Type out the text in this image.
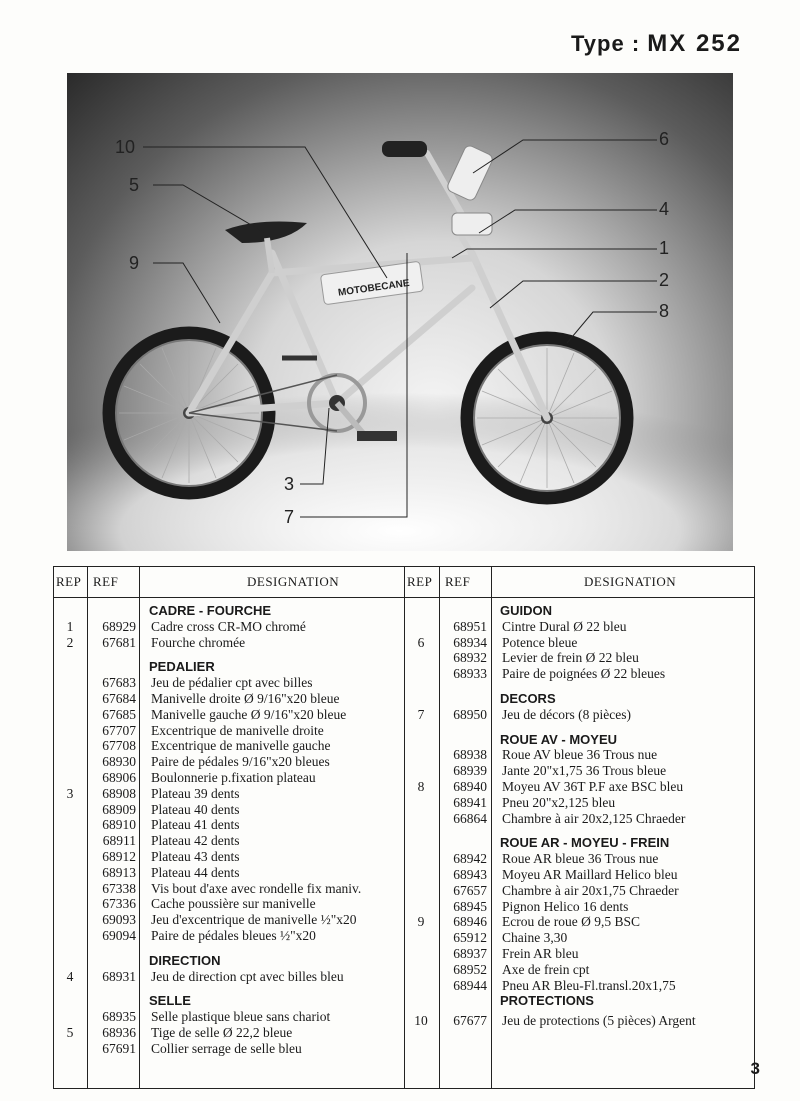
Type : MX 252
MOTOBECANE
10
5
9
6
4
1
2
8
3
7
REP REF	DESIGNATION	REP REF	DESIGNATION
CADRE - FOURCHE
1	68929 Cadre cross CR-MO chromé
2	67681 Fourche chromée
PEDALIER
67683 Jeu de pédalier cpt avec billes
67684 Manivelle droite Ø 9/16"x20 bleue
67685 Manivelle gauche Ø 9/16"x20 bleue
67707 Excentrique de manivelle droite
67708 Excentrique de manivelle gauche
68930 Paire de pédales 9/16"x20 bleues
68906 Boulonnerie p.fixation plateau
3	68908 Plateau 39 dents
68909 Plateau 40 dents
68910 Plateau 41 dents
68911 Plateau 42 dents
68912 Plateau 43 dents
68913 Plateau 44 dents
67338 Vis bout d'axe avec rondelle fix maniv.
67336 Cache poussière sur manivelle
69093 Jeu d'excentrique de manivelle ½"x20
69094 Paire de pédales bleues ½"x20
DIRECTION
4	68931 Jeu de direction cpt avec billes bleu
SELLE
68935 Selle plastique bleue sans chariot
5	68936 Tige de selle Ø 22,2 bleue
67691 Collier serrage de selle bleu
GUIDON
68951 Cintre Dural Ø 22 bleu
6	68934 Potence bleue
68932 Levier de frein Ø 22 bleu
68933 Paire de poignées Ø 22 bleues
DECORS
7	68950 Jeu de décors (8 pièces)
ROUE AV - MOYEU
68938 Roue AV bleue 36 Trous nue
68939 Jante 20"x1,75 36 Trous bleue
8	68940 Moyeu AV 36T P.F axe BSC bleu
68941 Pneu 20"x2,125 bleu
66864 Chambre à air 20x2,125 Chraeder
ROUE AR - MOYEU - FREIN
68942 Roue AR bleue 36 Trous nue
68943 Moyeu AR Maillard Helico bleu
67657 Chambre à air 20x1,75 Chraeder
68945 Pignon Helico 16 dents
9	68946 Ecrou de roue Ø 9,5 BSC
65912 Chaine 3,30
68937 Frein AR bleu
68952 Axe de frein cpt
68944 Pneu AR Bleu-Fl.transl.20x1,75
PROTECTIONS
10	67677 Jeu de protections (5 pièces) Argent
3
